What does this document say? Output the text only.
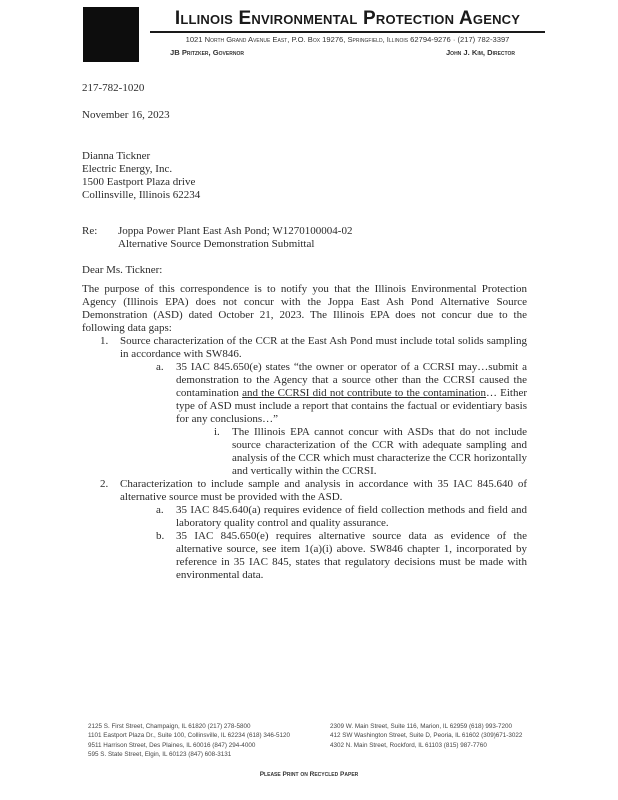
Illinois Environmental Protection Agency
1021 North Grand Avenue East, P.O. Box 19276, Springfield, Illinois 62794-9276 · (217) 782-3397
JB Pritzker, Governor	John J. Kim, Director
217-782-1020
November 16, 2023
Dianna Tickner
Electric Energy, Inc.
1500 Eastport Plaza drive
Collinsville, Illinois 62234
Re: Joppa Power Plant East Ash Pond; W1270100004-02
Alternative Source Demonstration Submittal
Dear Ms. Tickner:

The purpose of this correspondence is to notify you that the Illinois Environmental Protection Agency (Illinois EPA) does not concur with the Joppa East Ash Pond Alternative Source Demonstration (ASD) dated October 21, 2023. The Illinois EPA does not concur due to the following data gaps:

1. Source characterization of the CCR at the East Ash Pond must include total solids sampling in accordance with SW846.
a. 35 IAC 845.650(e) states “the owner or operator of a CCRSI may…submit a demonstration to the Agency that a source other than the CCRSI caused the contamination and the CCRSI did not contribute to the contamination… Either type of ASD must include a report that contains the factual or evidentiary basis for any conclusions…”
i. The Illinois EPA cannot concur with ASDs that do not include source characterization of the CCR with adequate sampling and analysis of the CCR which must characterize the CCR horizontally and vertically within the CCRSI.
2. Characterization to include sample and analysis in accordance with 35 IAC 845.640 of alternative source must be provided with the ASD.
a. 35 IAC 845.640(a) requires evidence of field collection methods and field and laboratory quality control and quality assurance.
b. 35 IAC 845.650(e) requires alternative source data as evidence of the alternative source, see item 1(a)(i) above. SW846 chapter 1, incorporated by reference in 35 IAC 845, states that regulatory decisions must be made with environmental data.
2125 S. First Street, Champaign, IL 61820 (217) 278-5800
1101 Eastport Plaza Dr., Suite 100, Collinsville, IL 62234 (618) 346-5120
9511 Harrison Street, Des Plaines, IL 60016 (847) 294-4000
595 S. State Street, Elgin, IL 60123 (847) 608-3131
2309 W. Main Street, Suite 116, Marion, IL 62959 (618) 993-7200
412 SW Washington Street, Suite D, Peoria, IL 61602 (309)671-3022
4302 N. Main Street, Rockford, IL 61103 (815) 987-7760
Please Print on Recycled Paper
